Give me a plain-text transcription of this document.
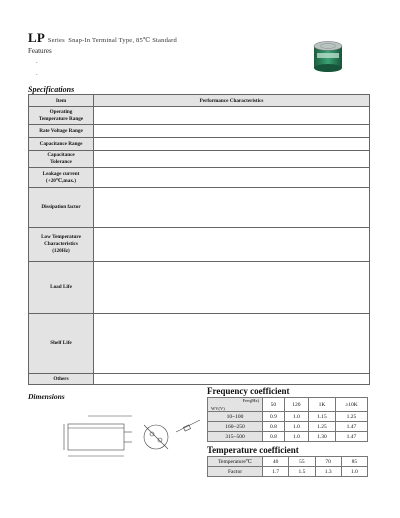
LP Series Snap-In Terminal Type, 85℃ Standard
Features
•
•
Specifications
Item	Performance Characteristics

Operating
Temperature Range	

Rate Voltage Range	

Capacitance Range	

Capacitance
Tolerance	

Leakage current
(+20℃,max.)	

Dissipation factor	

Low Temperature
Characteristics
(120Hz)	

Load Life	

Shelf Life	

Others	

Dimensions
Frequency coefficient
Freq(Hz)
WV(V)	50	120	1K	≥10K
10~100	0.9	1.0	1.15	1.25
160~250	0.8	1.0	1.25	1.47
315~500	0.8	1.0	1.30	1.47
Temperature coefficient
Temperature℃	40	55	70	85
Factor	1.7	1.5	1.3	1.0
